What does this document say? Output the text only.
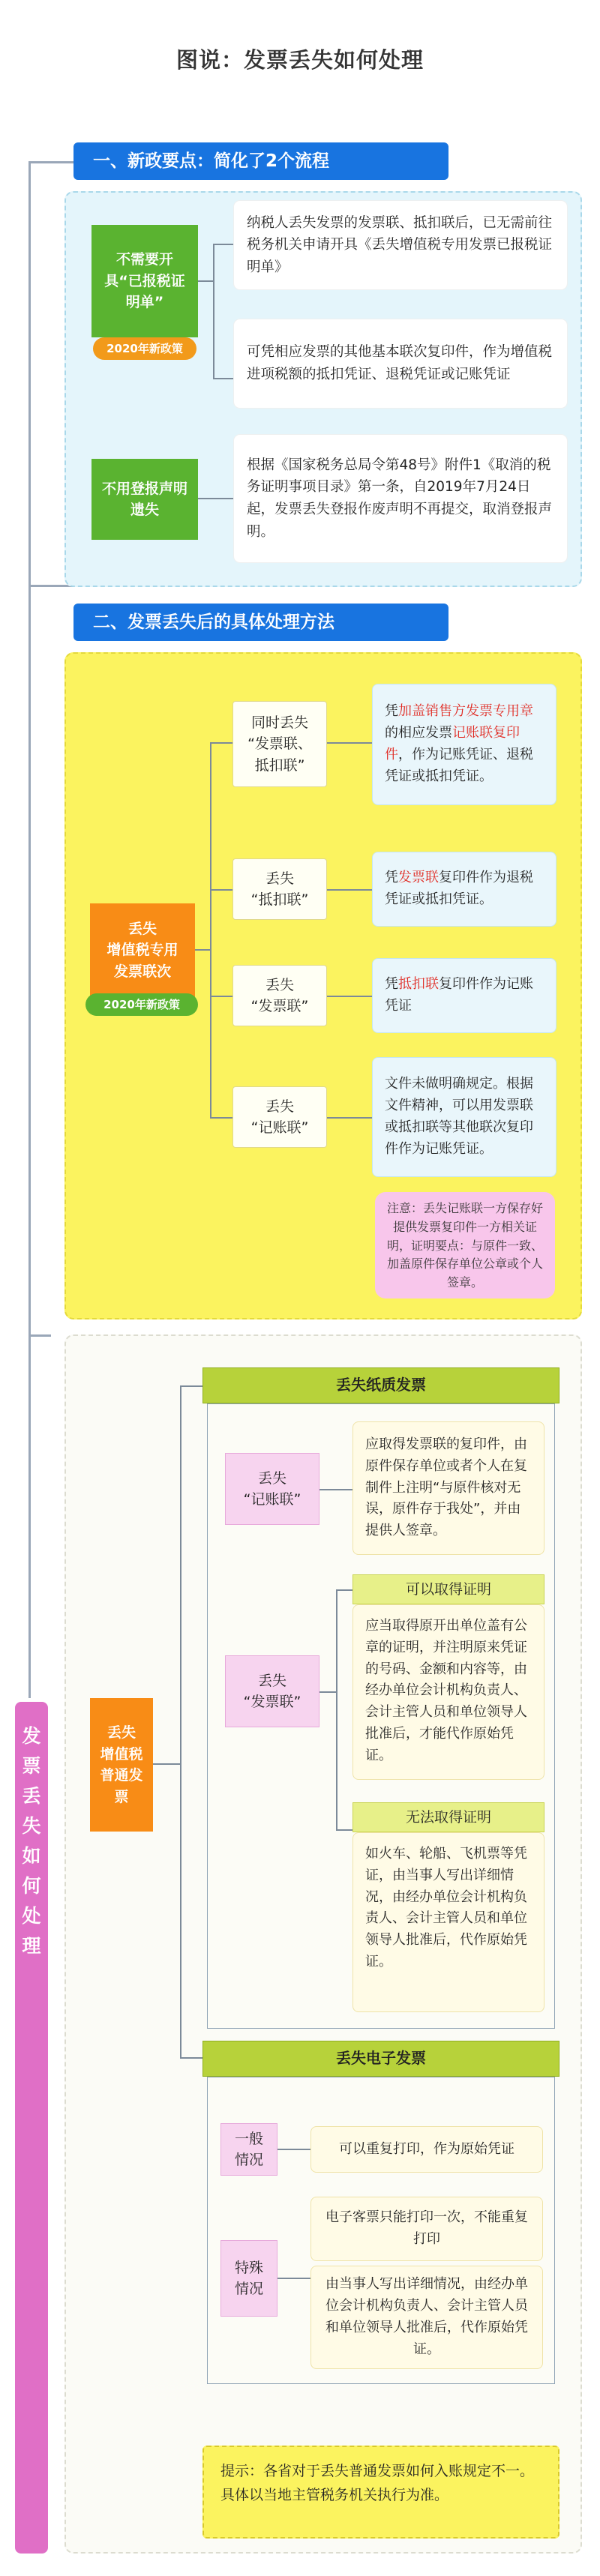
图说：发票丢失如何处理
发
票
丢
失
如
何
处
理
一、新政要点：简化了2个流程
不需要开
具“已报税证
明单”
2020年新政策
纳税人丢失发票的发票联、抵扣联后，已无需前往税务机关申请开具《丢失增值税专用发票已报税证明单》
可凭相应发票的其他基本联次复印件，作为增值税进项税额的抵扣凭证、退税凭证或记账凭证
不用登报声明
遗失
根据《国家税务总局令第48号》附件1《取消的税务证明事项目录》第一条，自2019年7月24日起，发票丢失登报作废声明不再提交，取消登报声明。
二、发票丢失后的具体处理方法
丢失
增值税专用
发票联次
2020年新政策
同时丢失
“发票联、
抵扣联”
凭加盖销售方发票专用章的相应发票记账联复印件，作为记账凭证、退税凭证或抵扣凭证。
丢失
“抵扣联”
凭发票联复印件作为退税凭证或抵扣凭证。
丢失
“发票联”
凭抵扣联复印件作为记账凭证
丢失
“记账联”
文件未做明确规定。根据文件精神，可以用发票联或抵扣联等其他联次复印件作为记账凭证。
注意：丢失记账联一方保存好提供发票复印件一方相关证明，证明要点：与原件一致、加盖原件保存单位公章或个人签章。
丢失
增值税
普通发
票
丢失纸质发票
丢失
“记账联”
应取得发票联的复印件，由原件保存单位或者个人在复制件上注明“与原件核对无误，原件存于我处”，并由提供人签章。
丢失
“发票联”
可以取得证明
应当取得原开出单位盖有公章的证明，并注明原来凭证的号码、金额和内容等，由经办单位会计机构负责人、会计主管人员和单位领导人批准后，才能代作原始凭证。
无法取得证明
如火车、轮船、飞机票等凭证，由当事人写出详细情况，由经办单位会计机构负责人、会计主管人员和单位领导人批准后，代作原始凭证。
丢失电子发票
一般
情况
可以重复打印，作为原始凭证
特殊
情况
电子客票只能打印一次，不能重复打印
由当事人写出详细情况，由经办单位会计机构负责人、会计主管人员和单位领导人批准后，代作原始凭证。
提示：各省对于丢失普通发票如何入账规定不一。具体以当地主管税务机关执行为准。
